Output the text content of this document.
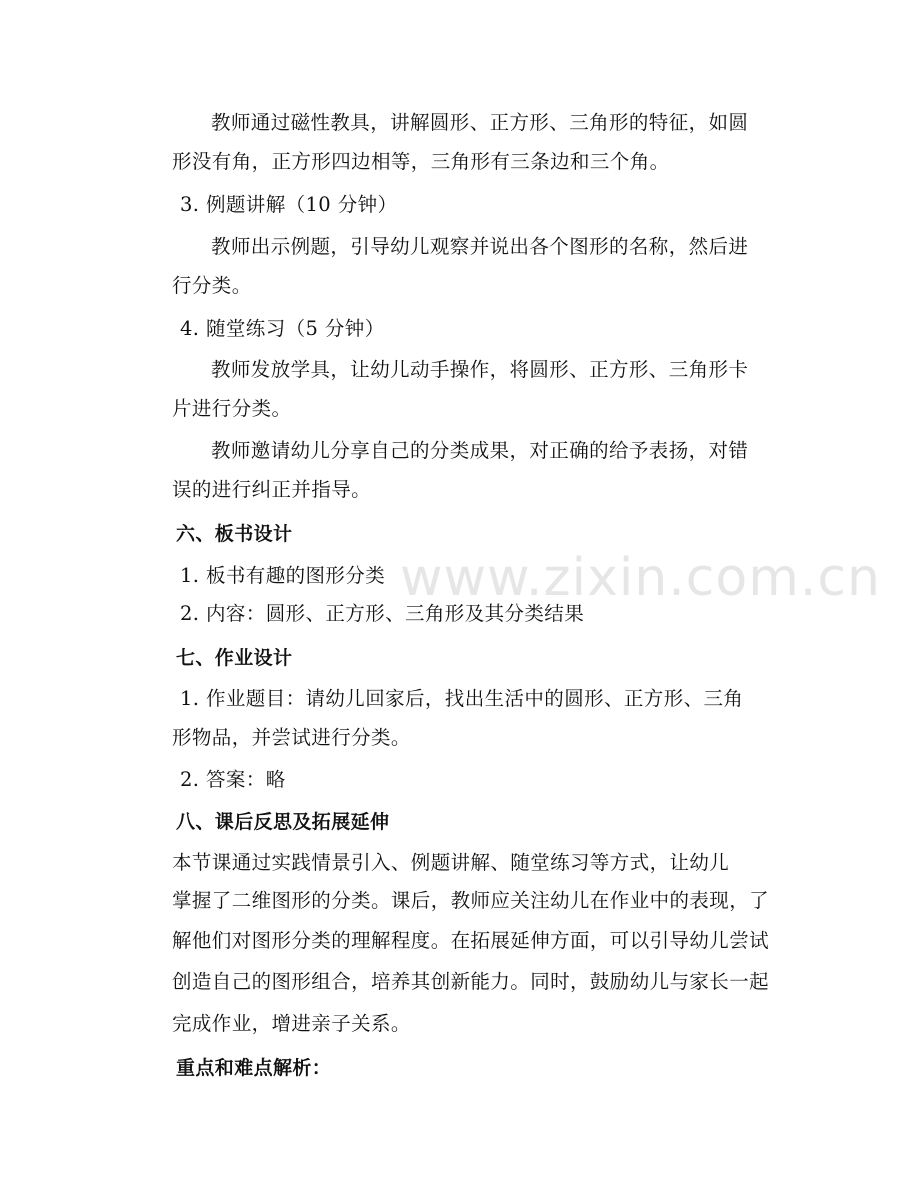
www.zixin.com.cn

教师通过磁性教具，讲解圆形、正方形、三角形的特征，如圆

形没有角，正方形四边相等，三角形有三条边和三个角。

3. 例题讲解（10 分钟）

教师出示例题，引导幼儿观察并说出各个图形的名称，然后进

行分类。

4. 随堂练习（5 分钟）

教师发放学具，让幼儿动手操作，将圆形、正方形、三角形卡

片进行分类。

教师邀请幼儿分享自己的分类成果，对正确的给予表扬，对错

误的进行纠正并指导。

六、板书设计

1. 板书有趣的图形分类

2. 内容：圆形、正方形、三角形及其分类结果

七、作业设计

1. 作业题目：请幼儿回家后，找出生活中的圆形、正方形、三角

形物品，并尝试进行分类。

2. 答案：略

八、课后反思及拓展延伸

本节课通过实践情景引入、例题讲解、随堂练习等方式，让幼儿

掌握了二维图形的分类。课后，教师应关注幼儿在作业中的表现，了

解他们对图形分类的理解程度。在拓展延伸方面，可以引导幼儿尝试

创造自己的图形组合，培养其创新能力。同时，鼓励幼儿与家长一起

完成作业，增进亲子关系。

重点和难点解析：
